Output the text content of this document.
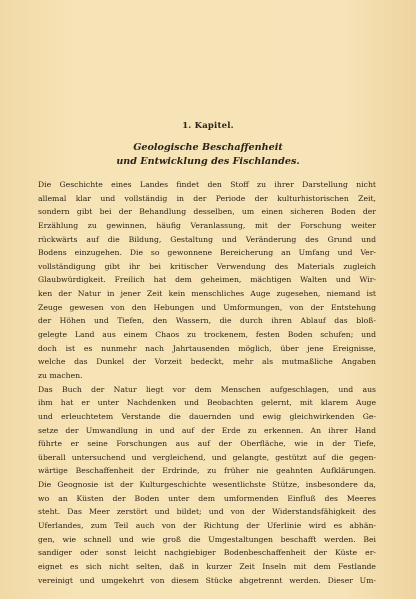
1. Kapitel.
Geologische Beschaffenheit
und Entwicklung des Fischlandes.
Die Geschichte eines Landes findet den Stoff zu ihrer Darstellung nicht
allemal klar und vollständig in der Periode der kulturhistorischen Zeit,
sondern gibt bei der Behandlung desselben, um einen sicheren Boden der
Erzählung zu gewinnen, häufig Veranlassung, mit der Forschung weiter
rückwärts auf die Bildung, Gestaltung und Veränderung des Grund und
Bodens einzugehen. Die so gewonnene Bereicherung an Umfang und Ver-
vollständigung gibt ihr bei kritischer Verwendung des Materials zugleich
Glaubwürdigkeit. Freilich hat dem geheimen, mächtigen Walten und Wir-
ken der Natur in jener Zeit kein menschliches Auge zugesehen, niemand ist
Zeuge gewesen von den Hebungen und Umformungen, von der Entstehung
der Höhen und Tiefen, den Wassern, die durch ihren Ablauf das bloß-
gelegte Land aus einem Chaos zu trockenem, festen Boden schufen; und
doch ist es nunmehr nach Jahrtausenden möglich, über jene Ereignisse,
welche das Dunkel der Vorzeit bedeckt, mehr als mutmaßliche Angaben
zu machen.
Das Buch der Natur liegt vor dem Menschen aufgeschlagen, und aus
ihm hat er unter Nachdenken und Beobachten gelernt, mit klarem Auge
und erleuchtetem Verstande die dauernden und ewig gleichwirkenden Ge-
setze der Umwandlung in und auf der Erde zu erkennen. An ihrer Hand
führte er seine Forschungen aus auf der Oberfläche, wie in der Tiefe,
überall untersuchend und vergleichend, und gelangte, gestützt auf die gegen-
wärtige Beschaffenheit der Erdrinde, zu früher nie geahnten Aufklärungen.
Die Geognosie ist der Kulturgeschichte wesentlichste Stütze, insbesondere da,
wo an Küsten der Boden unter dem umformenden Einfluß des Meeres
steht. Das Meer zerstört und bildet; und von der Widerstandsfähigkeit des
Uferlandes, zum Teil auch von der Richtung der Uferlinie wird es abhän-
gen, wie schnell und wie groß die Umgestaltungen beschafft werden. Bei
sandiger oder sonst leicht nachgiebiger Bodenbeschaffenheit der Küste er-
eignet es sich nicht selten, daß in kurzer Zeit Inseln mit dem Festlande
vereinigt und umgekehrt von diesem Stücke abgetrennt werden. Dieser Um-
